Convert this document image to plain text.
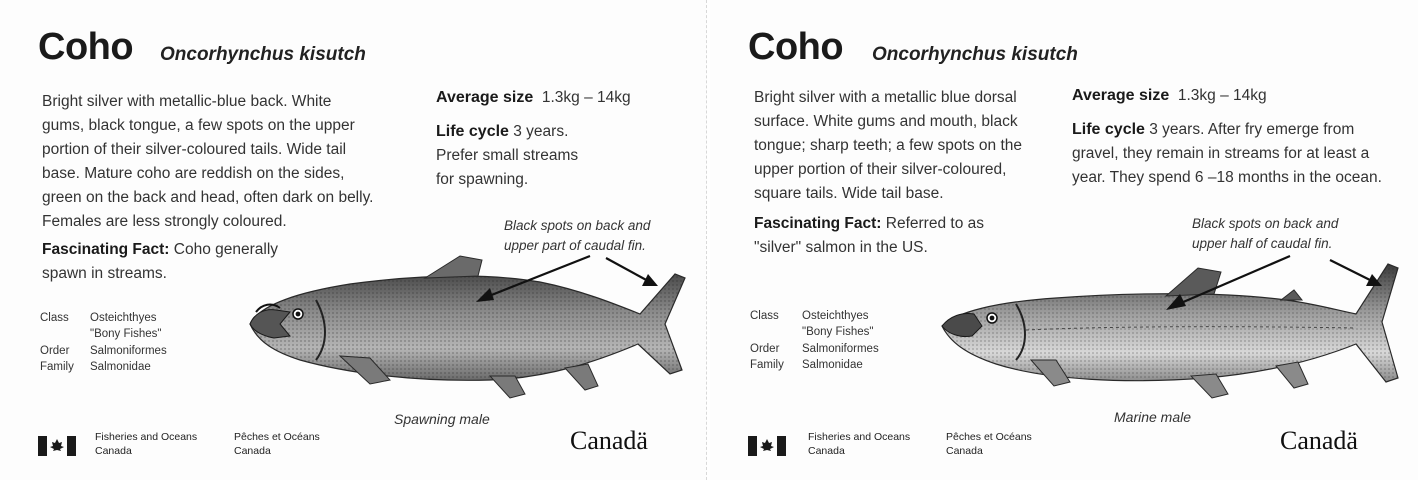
Coho Oncorhynchus kisutch
Bright silver with metallic-blue back. White
gums, black tongue, a few spots on the upper
portion of their silver-coloured tails. Wide tail
base. Mature coho are reddish on the sides,
green on the back and head, often dark on belly.
Females are less strongly coloured.
Fascinating Fact: Coho generally
spawn in streams.
Average size 1.3kg – 14kg
Life cycle 3 years.
Prefer small streams
for spawning.
Black spots on back and
upper part of caudal fin.
Class Osteichthyes
"Bony Fishes"
Order Salmoniformes
Family Salmonidae
Spawning male
Fisheries and Oceans
Canada
Pêches et Océans
Canada	Canadä
Coho Oncorhynchus kisutch
Bright silver with a metallic blue dorsal
surface. White gums and mouth, black
tongue; sharp teeth; a few spots on the
upper portion of their silver-coloured,
square tails. Wide tail base.
Fascinating Fact: Referred to as
"silver" salmon in the US.
Average size 1.3kg – 14kg
Life cycle 3 years. After fry emerge from
gravel, they remain in streams for at least a
year. They spend 6 –18 months in the ocean.
Black spots on back and
upper half of caudal fin.
Class Osteichthyes
"Bony Fishes"
Order Salmoniformes
Family Salmonidae
Marine male
Fisheries and Oceans
Canada
Pêches et Océans
Canada	Canadä
